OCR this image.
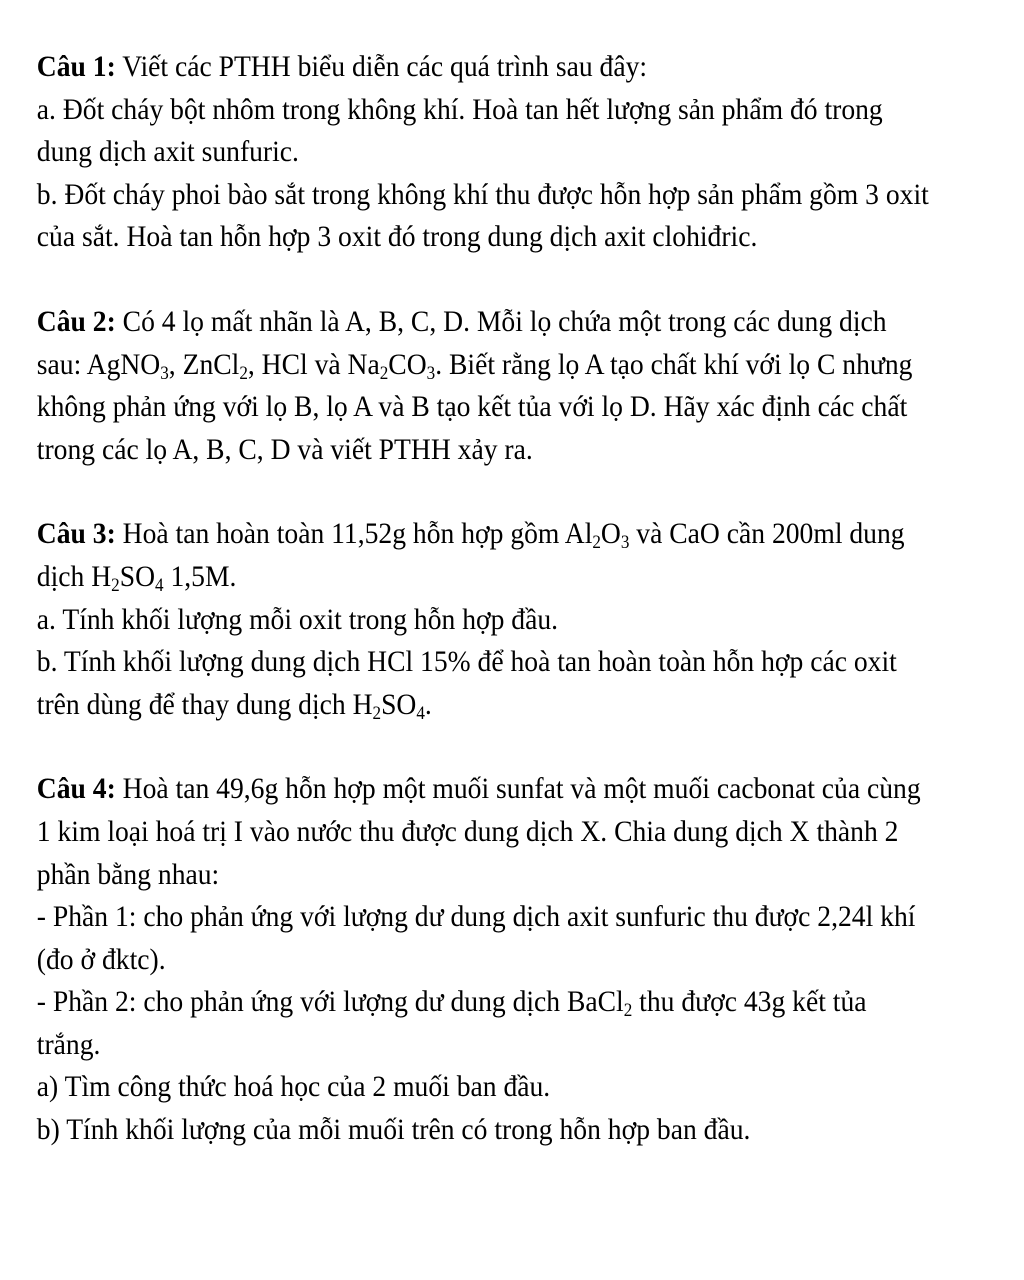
Câu 1: Viết các PTHH biểu diễn các quá trình sau đây:
a. Đốt cháy bột nhôm trong không khí. Hoà tan hết lượng sản phẩm đó trong
dung dịch axit sunfuric.
b. Đốt cháy phoi bào sắt trong không khí thu được hỗn hợp sản phẩm gồm 3 oxit
của sắt. Hoà tan hỗn hợp 3 oxit đó trong dung dịch axit clohiđric.
Câu 2: Có 4 lọ mất nhãn là A, B, C, D. Mỗi lọ chứa một trong các dung dịch
sau: AgNO$_3$, ZnCl$_2$, HCl và $Na_2CO_3$. Biết rằng lọ A tạo chất khí với lọ C nhưng
không phản ứng với lọ B, lọ A và B tạo kết tủa với lọ D. Hãy xác định các chất
trong các lọ A, B, C, D và viết PTHH xảy ra.
Câu 3: Hoà tan hoàn toàn 11,52g hỗn hợp gồm $Al_2O_3$ và CaO cần 200ml dung
dịch $H_2SO_4$ 1,5M.
a. Tính khối lượng mỗi oxit trong hỗn hợp đầu.
b. Tính khối lượng dung dịch HCl 15% để hoà tan hoàn toàn hỗn hợp các oxit
trên dùng để thay dung dịch $H_2SO_4$.
Câu 4: Hoà tan 49,6g hỗn hợp một muối sunfat và một muối cacbonat của cùng
1 kim loại hoá trị I vào nước thu được dung dịch X. Chia dung dịch X thành 2
phần bằng nhau:
- Phần 1: cho phản ứng với lượng dư dung dịch axit sunfuric thu được 2,24l khí
(đo ở đktc).
- Phần 2: cho phản ứng với lượng dư dung dịch BaCl$_2$ thu được 43g kết tủa
trắng.
a) Tìm công thức hoá học của 2 muối ban đầu.
b) Tính khối lượng của mỗi muối trên có trong hỗn hợp ban đầu.
